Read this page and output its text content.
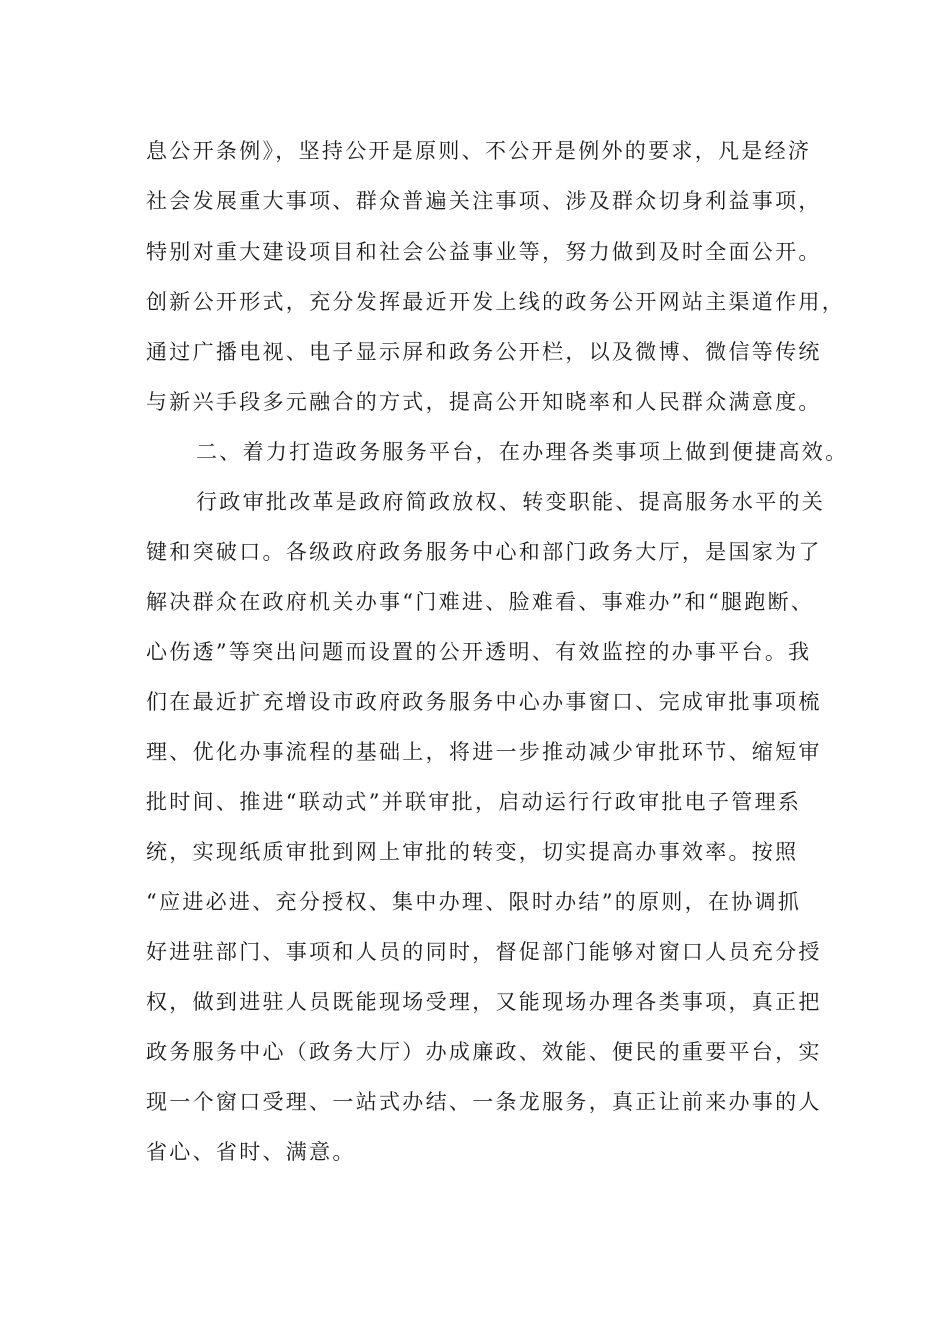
息公开条例》，坚持公开是原则、不公开是例外的要求，凡是经济
社会发展重大事项、群众普遍关注事项、涉及群众切身利益事项，
特别对重大建设项目和社会公益事业等，努力做到及时全面公开。
创新公开形式，充分发挥最近开发上线的政务公开网站主渠道作用，
通过广播电视、电子显示屏和政务公开栏，以及微博、微信等传统
与新兴手段多元融合的方式，提高公开知晓率和人民群众满意度。
二、着力打造政务服务平台，在办理各类事项上做到便捷高效。
行政审批改革是政府简政放权、转变职能、提高服务水平的关
键和突破口。各级政府政务服务中心和部门政务大厅，是国家为了
解决群众在政府机关办事“门难进、脸难看、事难办”和“腿跑断、
心伤透”等突出问题而设置的公开透明、有效监控的办事平台。我
们在最近扩充增设市政府政务服务中心办事窗口、完成审批事项梳
理、优化办事流程的基础上，将进一步推动减少审批环节、缩短审
批时间、推进“联动式”并联审批，启动运行行政审批电子管理系
统，实现纸质审批到网上审批的转变，切实提高办事效率。按照
“应进必进、充分授权、集中办理、限时办结”的原则，在协调抓
好进驻部门、事项和人员的同时，督促部门能够对窗口人员充分授
权，做到进驻人员既能现场受理，又能现场办理各类事项，真正把
政务服务中心（政务大厅）办成廉政、效能、便民的重要平台，实
现一个窗口受理、一站式办结、一条龙服务，真正让前来办事的人
省心、省时、满意。
